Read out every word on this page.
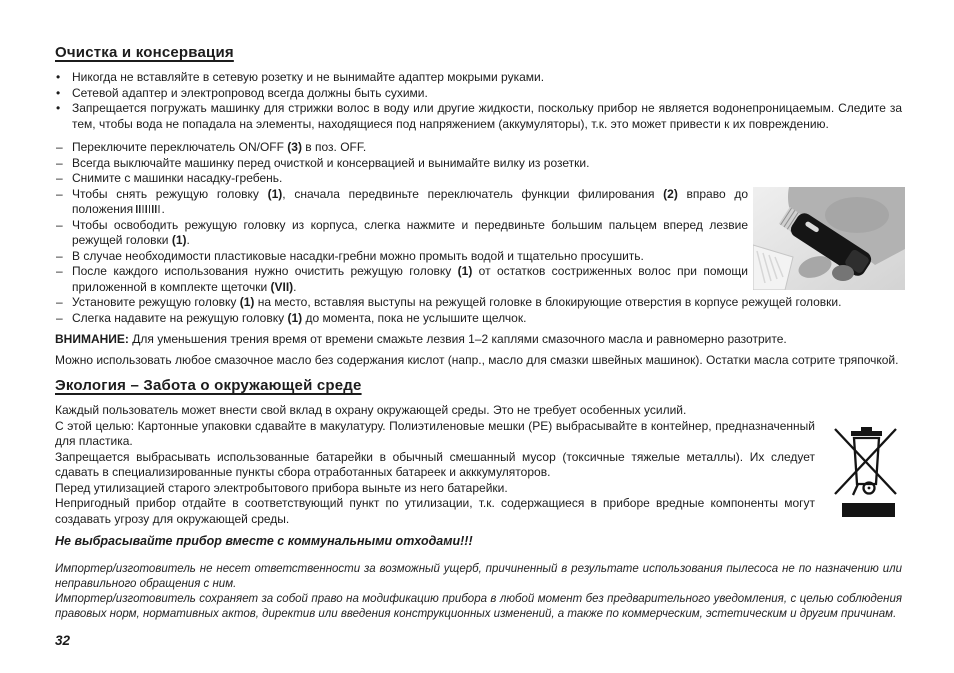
Очистка и консервация
• Никогда не вставляйте в сетевую розетку и не вынимайте адаптер мокрыми руками.
• Сетевой адаптер и электропровод всегда должны быть сухими.
• Запрещается погружать машинку для стрижки волос в воду или другие жидкости, поскольку прибор не является водонепроницаемым. Следите за тем, чтобы вода не попадала на элементы, находящиеся под напряжением (аккумуляторы), т.к. это может привести к их повреждению.
– Переключите переключатель ON/OFF (3) в поз. OFF.
– Всегда выключайте машинку перед очисткой и консервацией и вынимайте вилку из розетки.
– Снимите с машинки насадку-гребень.
– Чтобы снять режущую головку (1), сначала передвиньте переключатель функции филирования (2) вправо до положения .
– Чтобы освободить режущую головку из корпуса, слегка нажмите и передвиньте большим пальцем вперед лезвие режущей головки (1).
– В случае необходимости пластиковые насадки-гребни можно промыть водой и тщательно просушить.
– После каждого использования нужно очистить режущую головку (1) от остатков состриженных волос при помощи приложенной в комплекте щеточки (VII).
– Установите режущую головку (1) на место, вставляя выступы на режущей головке в блокирующие отверстия в корпусе режущей головки.
– Слегка надавите на режущую головку (1) до момента, пока не услышите щелчок.
ВНИМАНИЕ: Для уменьшения трения время от времени смажьте лезвия 1–2 каплями смазочного масла и равномерно разотрите.
Можно использовать любое смазочное масло без содержания кислот (напр., масло для смазки швейных машинок). Остатки масла сотрите тряпочкой.
Экология – Забота о окружающей среде
Каждый пользователь может внести свой вклад в охрану окружающей среды. Это не требует особенных усилий.
С этой целью: Картонные упаковки сдавайте в макулатуру. Полиэтиленовые мешки (PE) выбрасывайте в контейнер, предназначенный для пластика.
Запрещается выбрасывать использованные батарейки в обычный смешанный мусор (токсичные тяжелые металлы). Их следует сдавать в специализированные пункты сбора отработанных батареек и акккумуляторов.
Перед утилизацией старого электробытового прибора выньте из него батарейки.
Непригодный прибор отдайте в соответствующий пункт по утилизации, т.к. содержащиеся в приборе вредные компоненты могут создавать угрозу для окружающей среды.
Не выбрасывайте прибор вместе с коммунальными отходами!!!
Импортер/изготовитель не несет ответственности за возможный ущерб, причиненный в результате использования пылесоса не по назначению или неправильного обращения с ним.
Импортер/изготовитель сохраняет за собой право на модификацию прибора в любой момент без предварительного уведомления, с целью соблюдения правовых норм, нормативных актов, директив или введения конструкционных изменений, а также по коммерческим, эстетическим и другим причинам.
32
